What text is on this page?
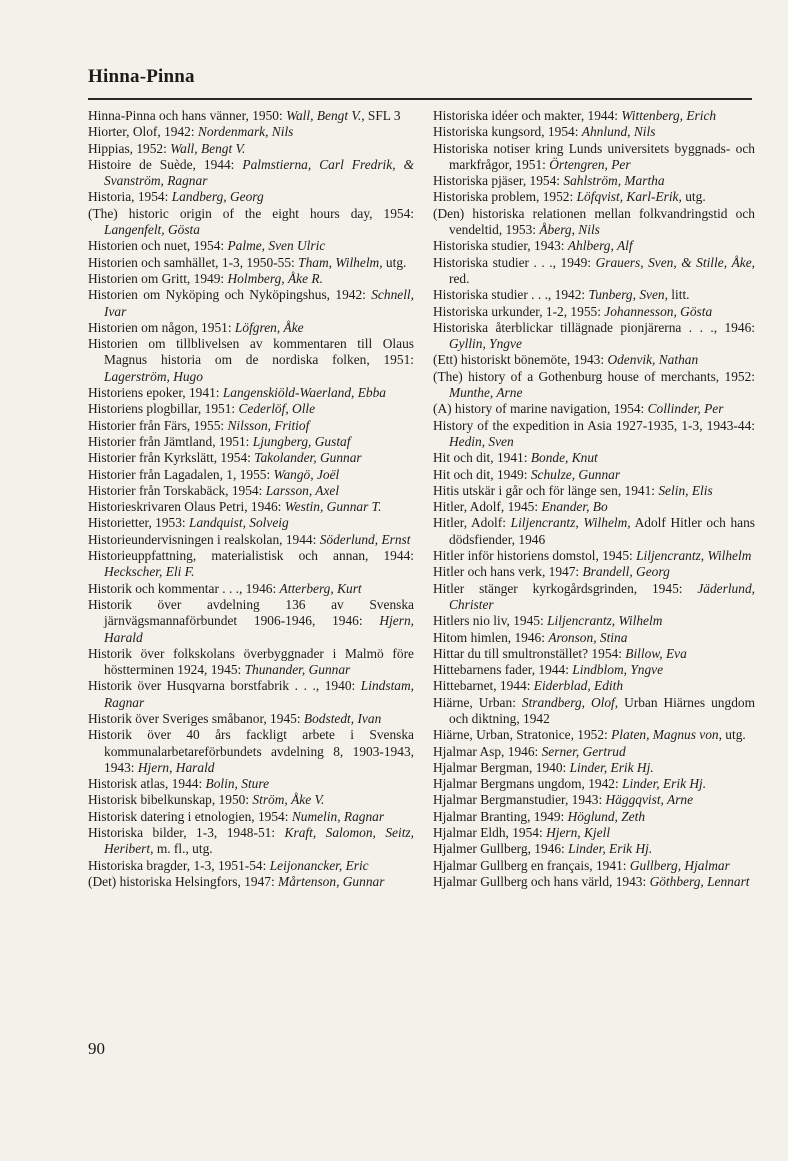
Hinna-Pinna

Hinna-Pinna och hans vänner, 1950: Wall, Bengt V., SFL 3

Hiorter, Olof, 1942: Nordenmark, Nils

Hippias, 1952: Wall, Bengt V.

Histoire de Suède, 1944: Palmstierna, Carl Fredrik, & Svanström, Ragnar

Historia, 1954: Landberg, Georg

(The) historic origin of the eight hours day, 1954: Langenfelt, Gösta

Historien och nuet, 1954: Palme, Sven Ulric

Historien och samhället, 1-3, 1950-55: Tham, Wilhelm, utg.

Historien om Gritt, 1949: Holmberg, Åke R.

Historien om Nyköping och Nyköpingshus, 1942: Schnell, Ivar

Historien om någon, 1951: Löfgren, Åke

Historien om tillblivelsen av kommentaren till Olaus Magnus historia om de nordiska folken, 1951: Lagerström, Hugo

Historiens epoker, 1941: Langenskiöld-Waerland, Ebba

Historiens plogbillar, 1951: Cederlöf, Olle

Historier från Färs, 1955: Nilsson, Fritiof

Historier från Jämtland, 1951: Ljungberg, Gustaf

Historier från Kyrkslätt, 1954: Takolander, Gunnar

Historier från Lagadalen, 1, 1955: Wangö, Joël

Historier från Torskabäck, 1954: Larsson, Axel

Historieskrivaren Olaus Petri, 1946: Westin, Gunnar T.

Historietter, 1953: Landquist, Solveig

Historieundervisningen i realskolan, 1944: Söderlund, Ernst

Historieuppfattning, materialistisk och annan, 1944: Heckscher, Eli F.

Historik och kommentar . . ., 1946: Atterberg, Kurt

Historik över avdelning 136 av Svenska järnvägsmannaförbundet 1906-1946, 1946: Hjern, Harald

Historik över folkskolans överbyggnader i Malmö före höstterminen 1924, 1945: Thunander, Gunnar

Historik över Husqvarna borstfabrik . . ., 1940: Lindstam, Ragnar

Historik över Sveriges småbanor, 1945: Bodstedt, Ivan

Historik över 40 års fackligt arbete i Svenska kommunalarbetareförbundets avdelning 8, 1903-1943, 1943: Hjern, Harald

Historisk atlas, 1944: Bolin, Sture

Historisk bibelkunskap, 1950: Ström, Åke V.

Historisk datering i etnologien, 1954: Numelin, Ragnar

Historiska bilder, 1-3, 1948-51: Kraft, Salomon, Seitz, Heribert, m. fl., utg.

Historiska bragder, 1-3, 1951-54: Leijonancker, Eric

(Det) historiska Helsingfors, 1947: Mårtenson, Gunnar

Historiska idéer och makter, 1944: Wittenberg, Erich

Historiska kungsord, 1954: Ahnlund, Nils

Historiska notiser kring Lunds universitets byggnads- och markfrågor, 1951: Örtengren, Per

Historiska pjäser, 1954: Sahlström, Martha

Historiska problem, 1952: Löfqvist, Karl-Erik, utg.

(Den) historiska relationen mellan folkvandringstid och vendeltid, 1953: Åberg, Nils

Historiska studier, 1943: Ahlberg, Alf

Historiska studier . . ., 1949: Grauers, Sven, & Stille, Åke, red.

Historiska studier . . ., 1942: Tunberg, Sven, litt.

Historiska urkunder, 1-2, 1955: Johannesson, Gösta

Historiska återblickar tillägnade pionjärerna . . ., 1946: Gyllin, Yngve

(Ett) historiskt bönemöte, 1943: Odenvik, Nathan

(The) history of a Gothenburg house of merchants, 1952: Munthe, Arne

(A) history of marine navigation, 1954: Collinder, Per

History of the expedition in Asia 1927-1935, 1-3, 1943-44: Hedin, Sven

Hit och dit, 1941: Bonde, Knut

Hit och dit, 1949: Schulze, Gunnar

Hitis utskär i går och för länge sen, 1941: Selin, Elis

Hitler, Adolf, 1945: Enander, Bo

Hitler, Adolf: Liljencrantz, Wilhelm, Adolf Hitler och hans dödsfiender, 1946

Hitler inför historiens domstol, 1945: Liljencrantz, Wilhelm

Hitler och hans verk, 1947: Brandell, Georg

Hitler stänger kyrkogårdsgrinden, 1945: Jäderlund, Christer

Hitlers nio liv, 1945: Liljencrantz, Wilhelm

Hitom himlen, 1946: Aronson, Stina

Hittar du till smultronstället? 1954: Billow, Eva

Hittebarnens fader, 1944: Lindblom, Yngve

Hittebarnet, 1944: Eiderblad, Edith

Hiärne, Urban: Strandberg, Olof, Urban Hiärnes ungdom och diktning, 1942

Hiärne, Urban, Stratonice, 1952: Platen, Magnus von, utg.

Hjalmar Asp, 1946: Serner, Gertrud

Hjalmar Bergman, 1940: Linder, Erik Hj.

Hjalmar Bergmans ungdom, 1942: Linder, Erik Hj.

Hjalmar Bergmanstudier, 1943: Häggqvist, Arne

Hjalmar Branting, 1949: Höglund, Zeth

Hjalmar Eldh, 1954: Hjern, Kjell

Hjalmer Gullberg, 1946: Linder, Erik Hj.

Hjalmar Gullberg en français, 1941: Gullberg, Hjalmar

Hjalmar Gullberg och hans värld, 1943: Göthberg, Lennart

90
